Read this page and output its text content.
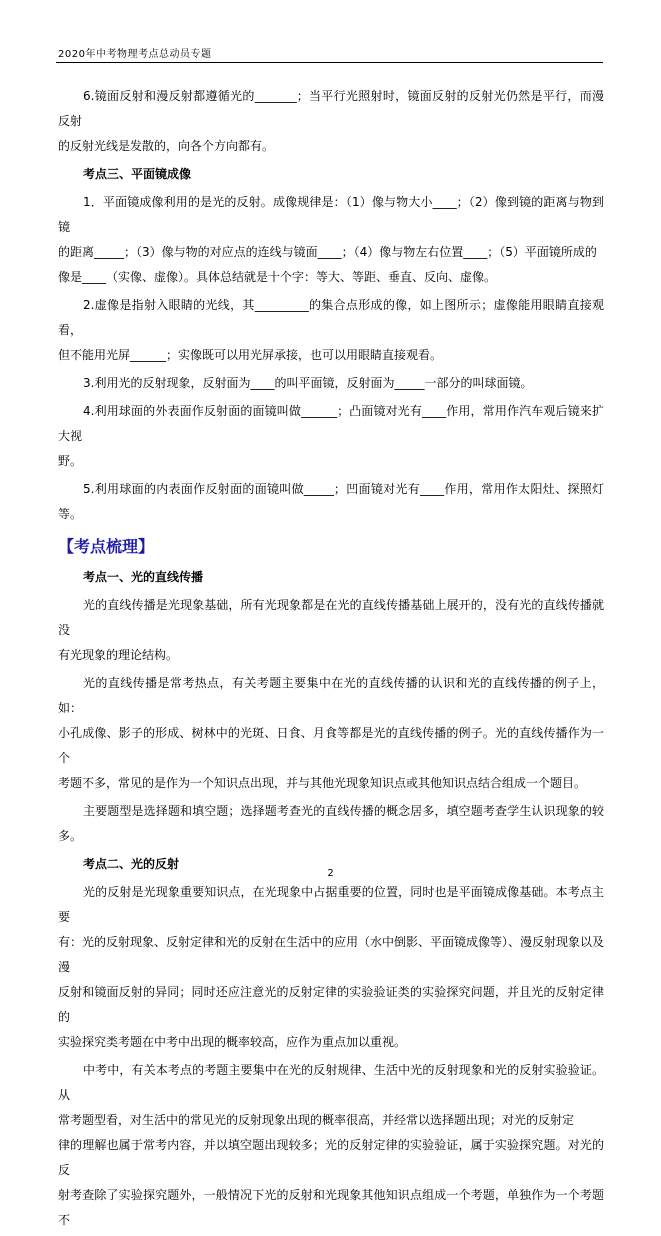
2020年中考物理考点总动员专题

6.镜面反射和漫反射都遵循光的_______；当平行光照射时，镜面反射的反射光仍然是平行，而漫反射

的反射光线是发散的，向各个方向都有。

考点三、平面镜成像

1．平面镜成像利用的是光的反射。成像规律是：（1）像与物大小____；（2）像到镜的距离与物到镜

的距离_____；（3）像与物的对应点的连线与镜面____；（4）像与物左右位置____；（5）平面镜所成的

像是____（实像、虚像）。具体总结就是十个字：等大、等距、垂直、反向、虚像。

2.虚像是指射入眼睛的光线，其_________的集合点形成的像，如上图所示；虚像能用眼睛直接观看，

但不能用光屏______；实像既可以用光屏承接，也可以用眼睛直接观看。

3.利用光的反射现象，反射面为____的叫平面镜，反射面为_____一部分的叫球面镜。

4.利用球面的外表面作反射面的面镜叫做______；凸面镜对光有____作用，常用作汽车观后镜来扩大视

野。

5.利用球面的内表面作反射面的面镜叫做_____；凹面镜对光有____作用，常用作太阳灶、探照灯等。

【考点梳理】
考点一、光的直线传播

光的直线传播是光现象基础，所有光现象都是在光的直线传播基础上展开的，没有光的直线传播就没

有光现象的理论结构。

光的直线传播是常考热点，有关考题主要集中在光的直线传播的认识和光的直线传播的例子上，如：

小孔成像、影子的形成、树林中的光斑、日食、月食等都是光的直线传播的例子。光的直线传播作为一个

考题不多，常见的是作为一个知识点出现，并与其他光现象知识点或其他知识点结合组成一个题目。

主要题型是选择题和填空题；选择题考查光的直线传播的概念居多，填空题考查学生认识现象的较多。

考点二、光的反射

光的反射是光现象重要知识点，在光现象中占据重要的位置，同时也是平面镜成像基础。本考点主要

有：光的反射现象、反射定律和光的反射在生活中的应用（水中倒影、平面镜成像等）、漫反射现象以及漫

反射和镜面反射的异同；同时还应注意光的反射定律的实验验证类的实验探究问题，并且光的反射定律的

实验探究类考题在中考中出现的概率较高，应作为重点加以重视。

中考中，有关本考点的考题主要集中在光的反射规律、生活中光的反射现象和光的反射实验验证。从

常考题型看，对生活中的常见光的反射现象出现的概率很高，并经常以选择题出现；对光的反射定

律的理解也属于常考内容，并以填空题出现较多；光的反射定律的实验验证，属于实验探究题。对光的反

射考查除了实验探究题外，一般情况下光的反射和光现象其他知识点组成一个考题，单独作为一个考题不

2
